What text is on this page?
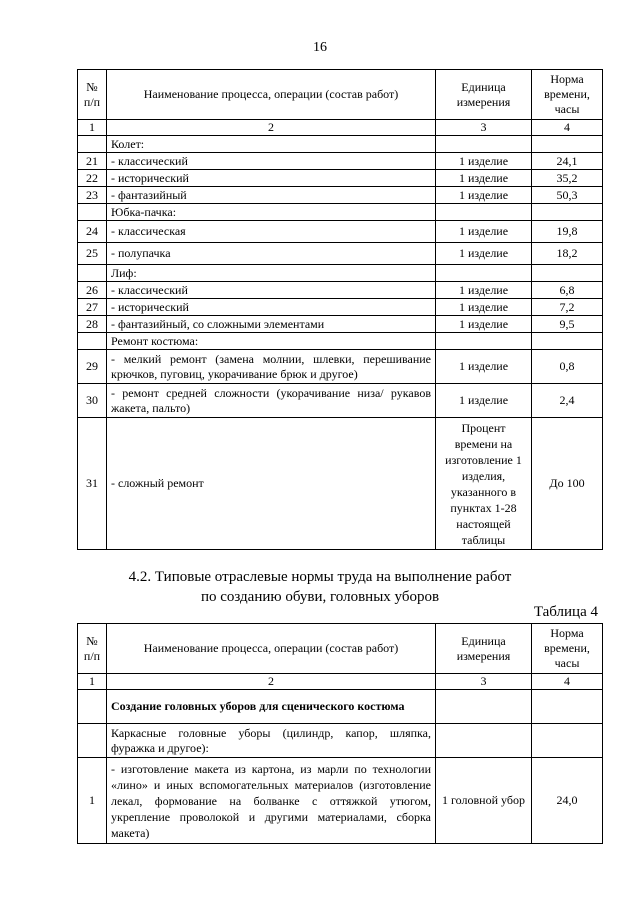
16
№ п/п	Наименование процесса, операции (состав работ)	Единица измерения	Норма времени, часы
1	2	3	4
	Колет:		
21	- классический	1 изделие	24,1
22	- исторический	1 изделие	35,2
23	- фантазийный	1 изделие	50,3
	Юбка-пачка:		
24	- классическая	1 изделие	19,8
25	- полупачка	1 изделие	18,2
	Лиф:		
26	- классический	1 изделие	6,8
27	- исторический	1 изделие	7,2
28	- фантазийный, со сложными элементами	1 изделие	9,5
	Ремонт костюма:		
29	- мелкий ремонт (замена молнии, шлевки, перешивание крючков, пуговиц, укорачивание брюк и другое)	1 изделие	0,8
30	- ремонт средней сложности (укорачивание низа/ рукавов жакета, пальто)	1 изделие	2,4
31	- сложный ремонт	Процент времени на изготовление 1 изделия, указанного в пунктах 1-28 настоящей таблицы	До 100
4.2. Типовые отраслевые нормы труда на выполнение работ
по созданию обуви, головных уборов
Таблица 4
№ п/п	Наименование процесса, операции (состав работ)	Единица измерения	Норма времени, часы
1	2	3	4
	Создание головных уборов для сценического костюма		
	Каркасные головные уборы (цилиндр, капор, шляпка, фуражка и другое):		
1	- изготовление макета из картона, из марли по технологии «лино» и иных вспомогательных материалов (изготовление лекал, формование на болванке с оттяжкой утюгом, укрепление проволокой и другими материалами, сборка макета)	1 головной убор	24,0
